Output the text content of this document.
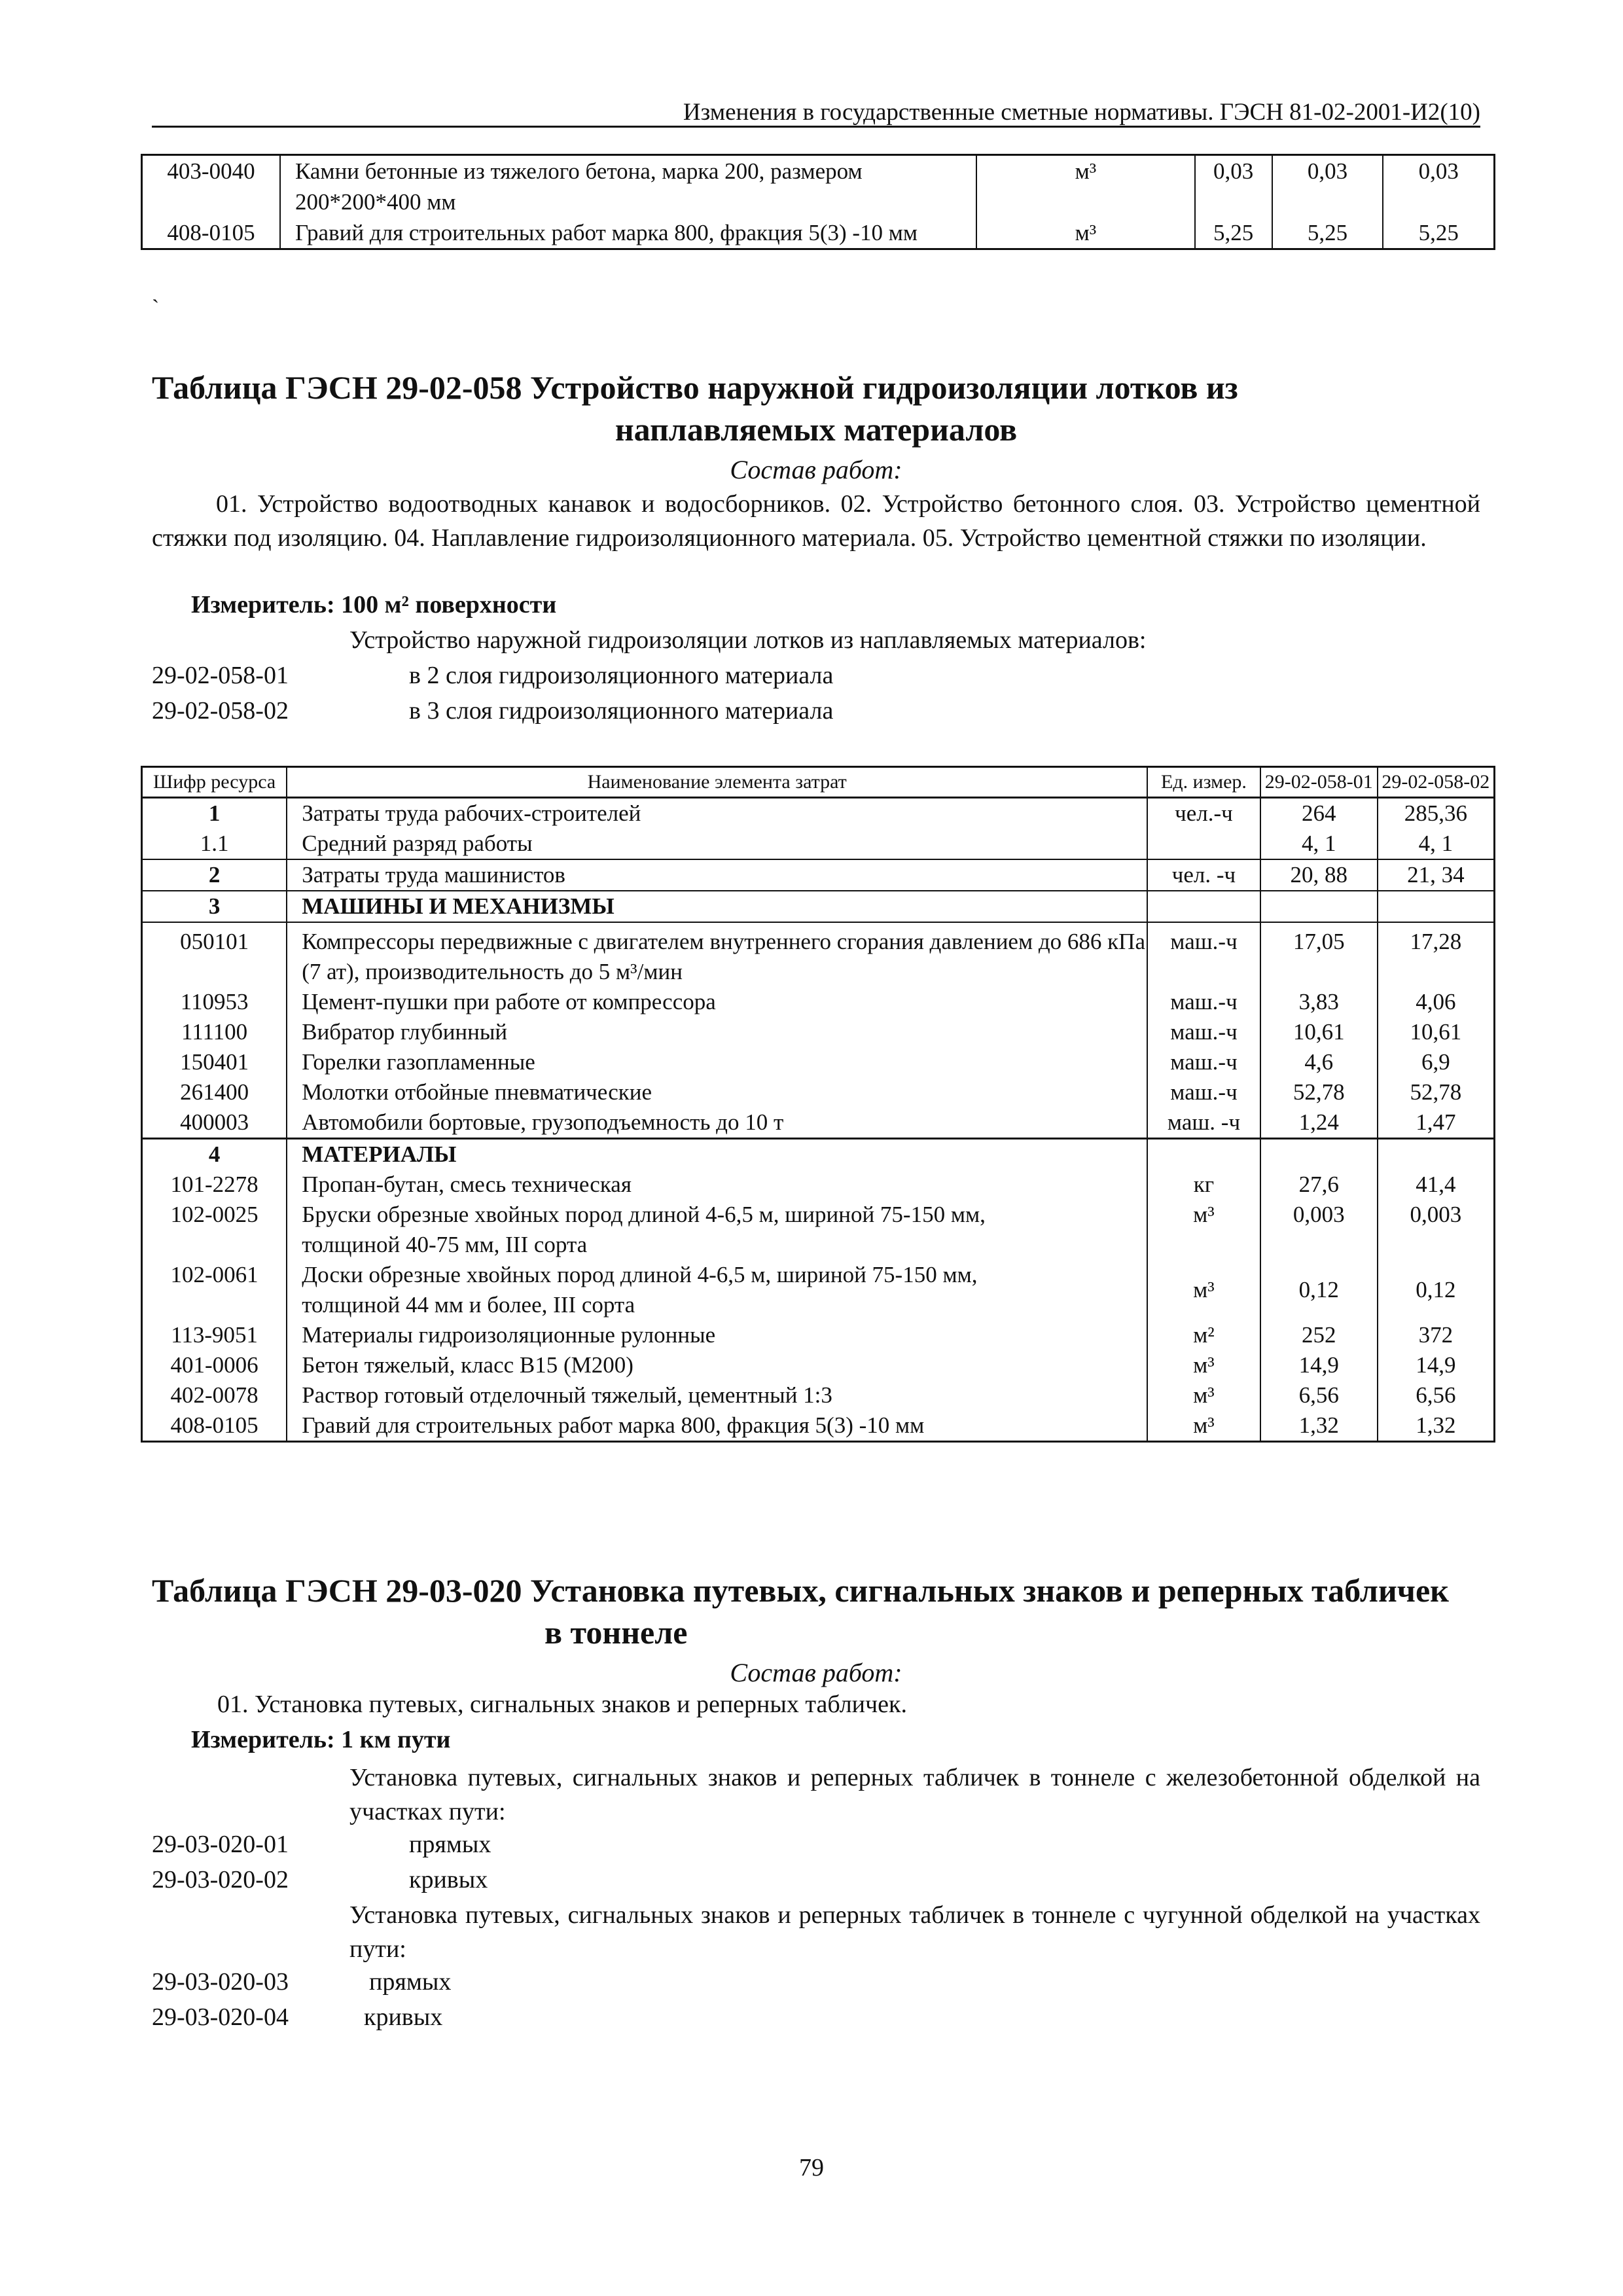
Изменения в государственные сметные нормативы. ГЭСН 81-02-2001-И2(10)
403-0040	Камни бетонные из тяжелого бетона, марка 200, размером 200*200*400 мм	м³	0,03	0,03	0,03
408-0105	Гравий для строительных работ марка 800, фракция 5(3) -10 мм	м³	5,25	5,25	5,25
`
Таблица ГЭСН 29-02-058 Устройство наружной гидроизоляции лотков из
наплавляемых материалов
Состав работ:
01. Устройство водоотводных канавок и водосборников. 02. Устройство бетонного слоя. 03. Устройство цементной стяжки под изоляцию. 04. Наплавление гидроизоляционного материала. 05. Устройство цементной стяжки по изоляции.
Измеритель: 100 м² поверхности
Устройство наружной гидроизоляции лотков из наплавляемых материалов:
29-02-058-01	в 2 слоя гидроизоляционного материала
29-02-058-02	в 3 слоя гидроизоляционного материала
Шифр ресурса	Наименование элемента затрат	Ед. измер.	29-02-058-01	29-02-058-02
1	Затраты труда рабочих-строителей	чел.-ч	264	285,36
1.1	Средний разряд работы		4, 1	4, 1
2	Затраты труда машинистов	чел. -ч	20, 88	21, 34
3	МАШИНЫ И МЕХАНИЗМЫ			
050101	Компрессоры передвижные с двигателем внутреннего сгорания давлением до 686 кПа (7 ат), производительность до 5 м³/мин	маш.-ч	17,05	17,28
110953	Цемент-пушки при работе от компрессора	маш.-ч	3,83	4,06
111100	Вибратор глубинный	маш.-ч	10,61	10,61
150401	Горелки газопламенные	маш.-ч	4,6	6,9
261400	Молотки отбойные пневматические	маш.-ч	52,78	52,78
400003	Автомобили бортовые, грузоподъемность до 10 т	маш. -ч	1,24	1,47
4	МАТЕРИАЛЫ			
101-2278	Пропан-бутан, смесь техническая	кг	27,6	41,4
102-0025	Бруски обрезные хвойных пород длиной 4-6,5 м, шириной 75-150 мм, толщиной 40-75 мм, III сорта	м³	0,003	0,003
102-0061	Доски обрезные хвойных пород длиной 4-6,5 м, шириной 75-150 мм, толщиной 44 мм и более, III сорта	м³	0,12	0,12
113-9051	Материалы гидроизоляционные рулонные	м²	252	372
401-0006	Бетон тяжелый, класс В15 (М200)	м³	14,9	14,9
402-0078	Раствор готовый отделочный тяжелый, цементный 1:3	м³	6,56	6,56
408-0105	Гравий для строительных работ марка 800, фракция 5(3) -10 мм	м³	1,32	1,32
Таблица ГЭСН 29-03-020 Установка путевых, сигнальных знаков и реперных табличек
в тоннеле
Состав работ:
01. Установка путевых, сигнальных знаков и реперных табличек.
Измеритель: 1 км пути
Установка путевых, сигнальных знаков и реперных табличек в тоннеле с железобетонной обделкой на участках пути:
29-03-020-01	прямых
29-03-020-02	кривых
Установка путевых, сигнальных знаков и реперных табличек в тоннеле с чугунной обделкой на участках пути:
29-03-020-03	прямых
29-03-020-04	кривых
79
